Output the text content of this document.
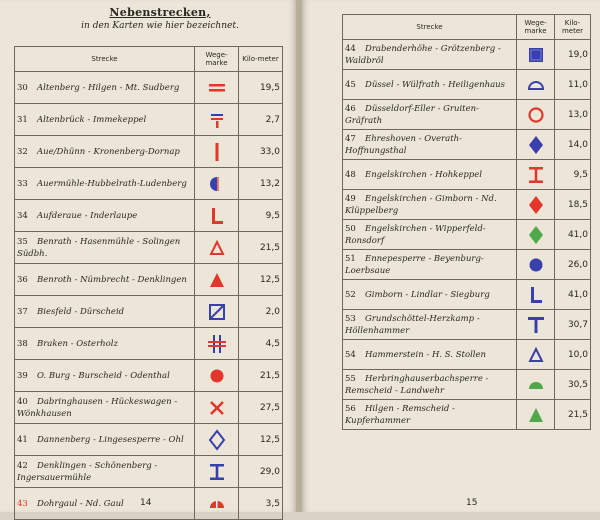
Nebenstrecken,
in den Karten wie hier bezeichnet.
Strecke	Wege-marke	Kilo-meter

30 Altenberg - Hilgen - Mt. Sudberg		19,5

31 Altenbrück - Immekeppel		2,7

32 Aue/Dhünn - Kronenberg-Dornap		33,0

33 Auermühle-Hubbelrath-Ludenberg		13,2

34 Aufderaue - Inderlaupe		9,5

35 Benrath - Hasenmühle - Solingen Südbh.		21,5

36 Benroth - Nümbrecht - Denklingen		12,5

37 Biesfeld - Dürscheid		2,0

38 Braken - Osterholz		4,5

39 O. Burg - Burscheid - Odenthal		21,5

40 Dabringhausen - Hückeswagen - Wönkhausen		27,5

41 Dannenberg - Lingesesperre - Ohl		12,5

42 Denklingen - Schönenberg - Ingersauermühle		29,0

43 Dohrgaul - Nd. Gaul		3,5
14
Strecke	Wege-marke	Kilo-meter

44 Drabenderhöhe - Grötzenberg - Waldbröl		19,0

45 Düssel - Wülfrath - Heiligenhaus		11,0

46 Düsseldorf-Eller - Gruiten-Gräfrath		13,0

47 Ehreshoven - Overath-Hoffnungsthal		14,0

48 Engelskirchen - Hohkeppel		9,5

49 Engelskirchen - Gimborn - Nd. Klüppelberg		18,5

50 Engelskirchen - Wipperfeld-Ronsdorf		41,0

51 Ennepesperre - Beyenburg-Loerbsaue		26,0

52 Gimborn - Lindlar - Siegburg		41,0

53 Grundschöttel-Herzkamp - Höllenhammer		30,7

54 Hammerstein - H. S. Stollen		10,0

55 Herbringhauserbachsperre - Remscheid - Landwehr		30,5

56 Hilgen - Remscheid - Kupferhammer		21,5
15
